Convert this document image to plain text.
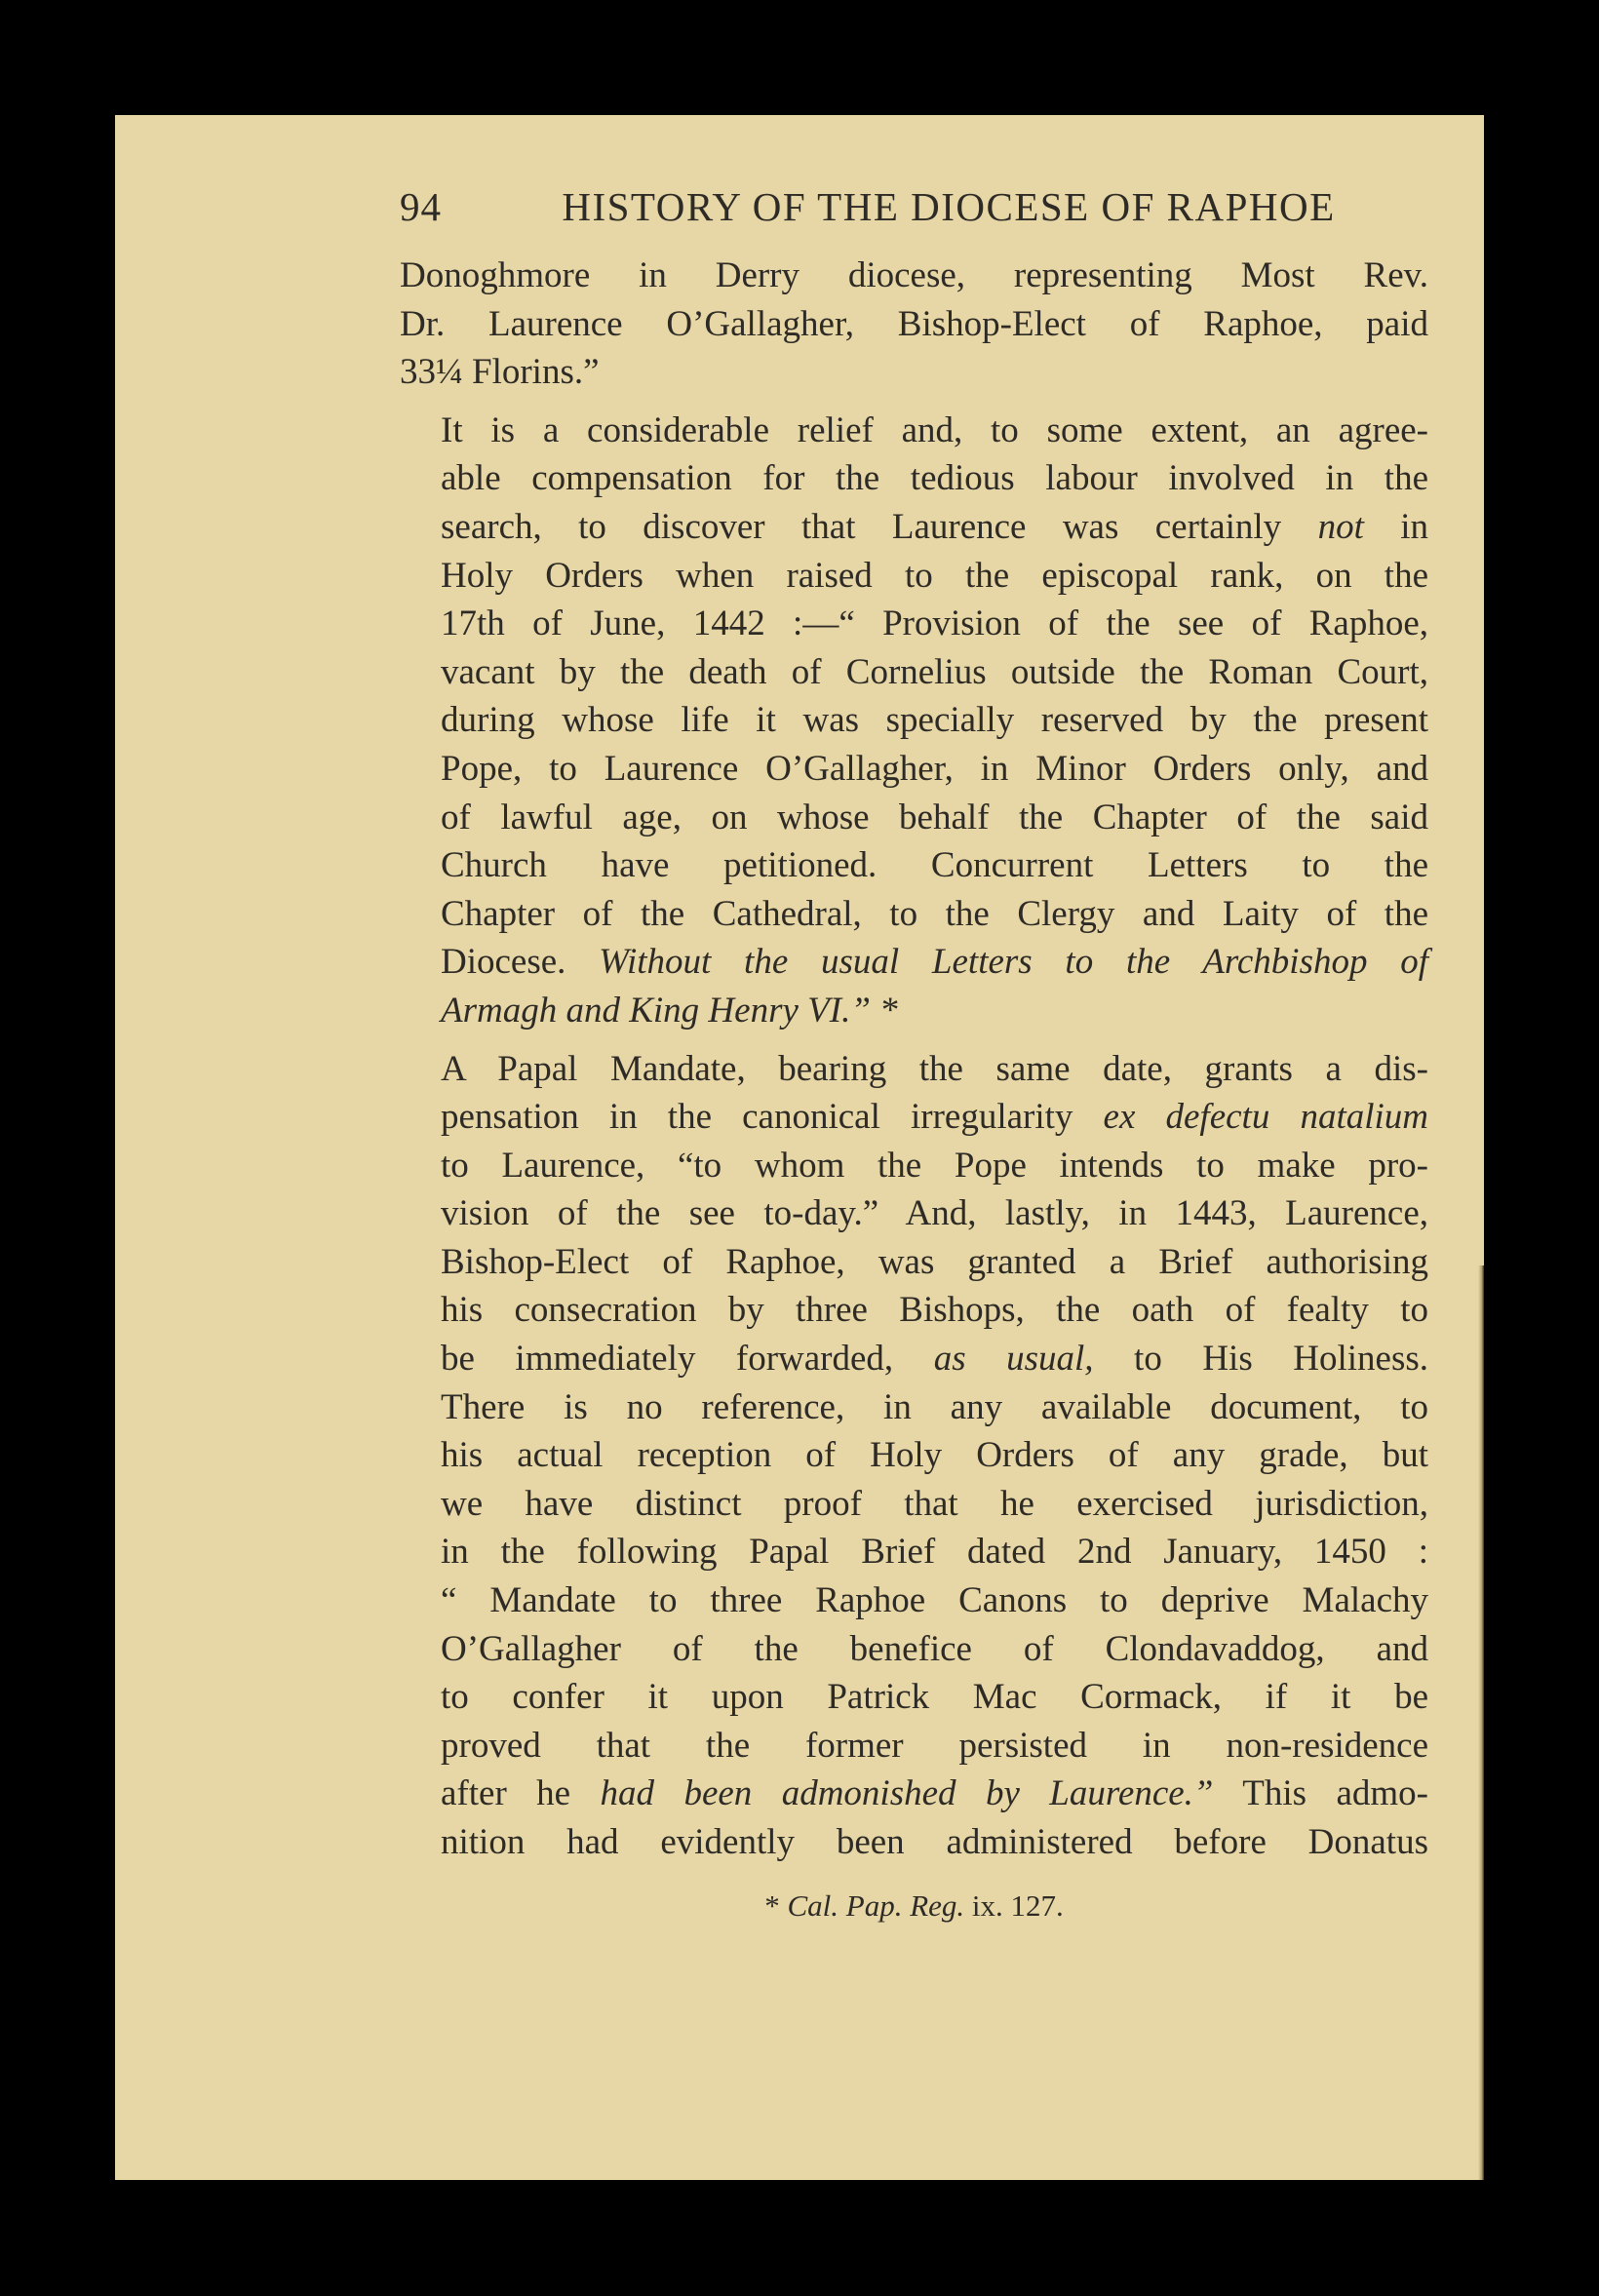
94	HISTORY OF THE DIOCESE OF RAPHOE
Donoghmore in Derry diocese, representing Most Rev.
Dr. Laurence O’Gallagher, Bishop-Elect of Raphoe, paid
33¼ Florins.”
It is a considerable relief and, to some extent, an agree-
able compensation for the tedious labour involved in the
search, to discover that Laurence was certainly not in
Holy Orders when raised to the episcopal rank, on the
17th of June, 1442 :—“ Provision of the see of Raphoe,
vacant by the death of Cornelius outside the Roman Court,
during whose life it was specially reserved by the present
Pope, to Laurence O’Gallagher, in Minor Orders only, and
of lawful age, on whose behalf the Chapter of the said
Church have petitioned. Concurrent Letters to the
Chapter of the Cathedral, to the Clergy and Laity of the
Diocese. Without the usual Letters to the Archbishop of
Armagh and King Henry VI.” *
A Papal Mandate, bearing the same date, grants a dis-
pensation in the canonical irregularity ex defectu natalium
to Laurence, “to whom the Pope intends to make pro-
vision of the see to-day.” And, lastly, in 1443, Laurence,
Bishop-Elect of Raphoe, was granted a Brief authorising
his consecration by three Bishops, the oath of fealty to
be immediately forwarded, as usual, to His Holiness.
There is no reference, in any available document, to
his actual reception of Holy Orders of any grade, but
we have distinct proof that he exercised jurisdiction,
in the following Papal Brief dated 2nd January, 1450 :
“ Mandate to three Raphoe Canons to deprive Malachy
O’Gallagher of the benefice of Clondavaddog, and
to confer it upon Patrick Mac Cormack, if it be
proved that the former persisted in non-residence
after he had been admonished by Laurence.” This admo-
nition had evidently been administered before Donatus
* Cal. Pap. Reg. ix. 127.
